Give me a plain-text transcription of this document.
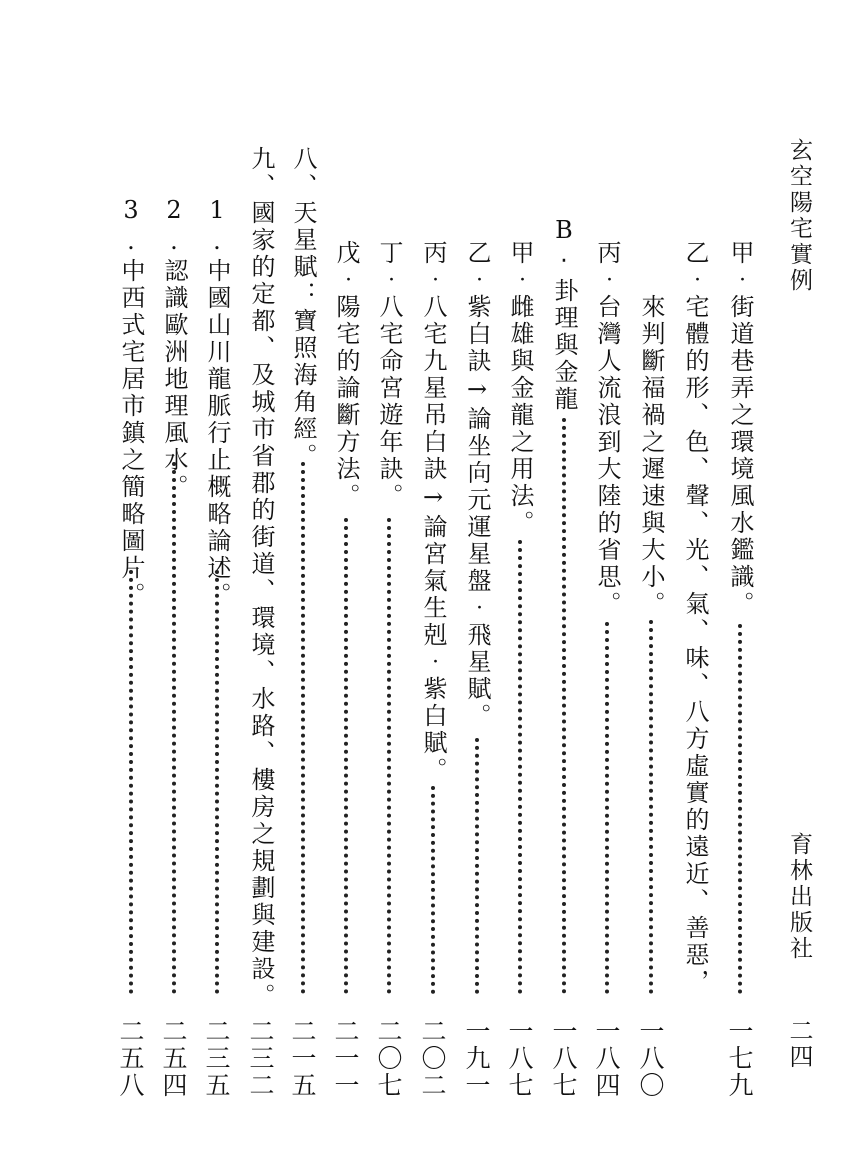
玄空陽宅實例
育林出版社
二四
甲‧街道巷弄之環境風水鑑識。
一七九
乙‧宅體的形、色、聲、光、氣、味、八方虛實的遠近、善惡，
來判斷福禍之遲速與大小。
一八〇
丙‧台灣人流浪到大陸的省思。
一八四
B‧卦理與金龍
一八七
甲‧雌雄與金龍之用法。
一八七
乙‧紫白訣→論坐向元運星盤‧飛星賦。
一九一
丙‧八宅九星吊白訣→論宮氣生剋‧紫白賦。
二〇二
丁‧八宅命宮遊年訣。
二〇七
戊‧陽宅的論斷方法。
二一一
八、天星賦：寶照海角經。
二一五
九、國家的定都、及城市省郡的街道、環境、水路、樓房之規劃與建設。
二三二
1.中國山川龍脈行止概略論述。
二三五
2.認識歐洲地理風水。
二五四
3.中西式宅居市鎮之簡略圖片。
二五八
